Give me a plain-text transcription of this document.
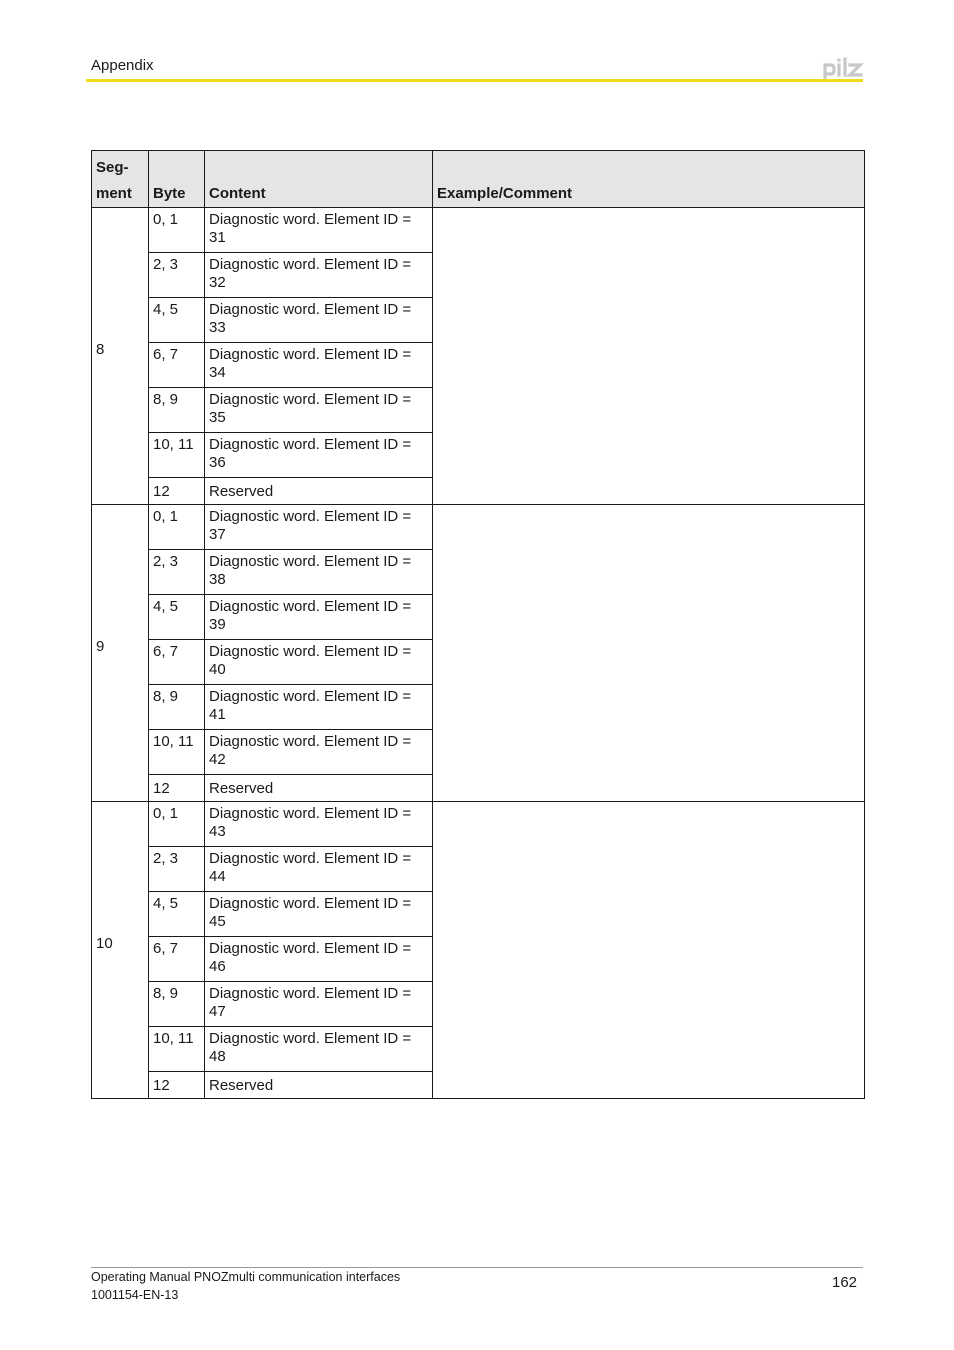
Appendix
Seg-
ment	Byte	Content	Example/Comment

8	0, 1	Diagnostic word. Element ID = 31	
	2, 3	Diagnostic word. Element ID = 32	
	4, 5	Diagnostic word. Element ID = 33	
	6, 7	Diagnostic word. Element ID = 34	
	8, 9	Diagnostic word. Element ID = 35	
	10, 11	Diagnostic word. Element ID = 36	
	12	Reserved	

9	0, 1	Diagnostic word. Element ID = 37	
	2, 3	Diagnostic word. Element ID = 38	
	4, 5	Diagnostic word. Element ID = 39	
	6, 7	Diagnostic word. Element ID = 40	
	8, 9	Diagnostic word. Element ID = 41	
	10, 11	Diagnostic word. Element ID = 42	
	12	Reserved	

10	0, 1	Diagnostic word. Element ID = 43	
	2, 3	Diagnostic word. Element ID = 44	
	4, 5	Diagnostic word. Element ID = 45	
	6, 7	Diagnostic word. Element ID = 46	
	8, 9	Diagnostic word. Element ID = 47	
	10, 11	Diagnostic word. Element ID = 48	
	12	Reserved	
Operating Manual PNOZmulti communication interfaces
1001154-EN-13
162
